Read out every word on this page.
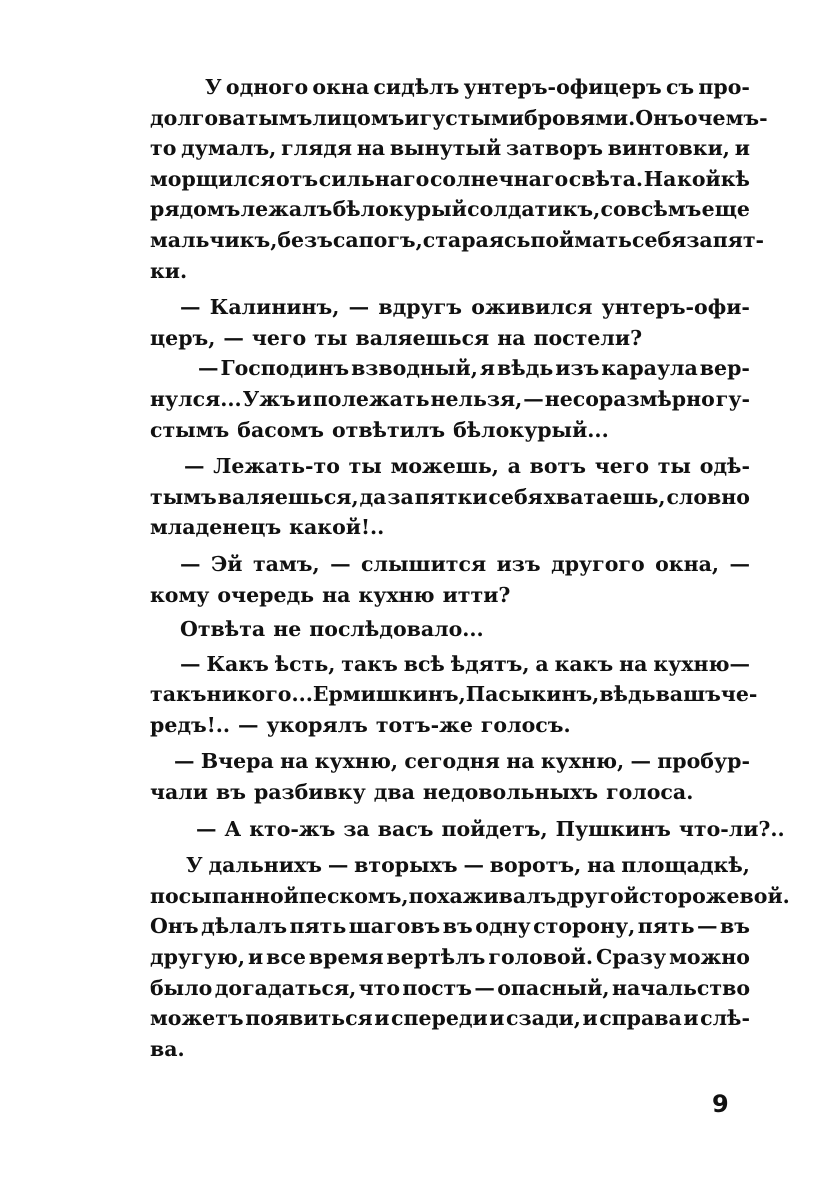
У одного окна сидѣлъ унтеръ-офицеръ съ про-
долговатымъ лицомъ и густыми бровями. Онъ о чемъ-
то думалъ, глядя на вынутый затворъ винтовки, и
морщился отъ сильнаго солнечнаго свѣта. На койкѣ
рядомъ лежалъ бѣлокурый солдатикъ, совсѣмъ еще
мальчикъ, безъ сапогъ, стараясь поймать себя за пят-
ки.
— Калининъ, — вдругъ оживился унтеръ-офи-
церъ, — чего ты валяешься на постели?
— Господинъ взводный, я вѣдь изъ караула вер-
нулся... Ужъ и полежать нельзя, — несоразмѣрно гу-
стымъ басомъ отвѣтилъ бѣлокурый...
— Лежать-то ты можешь, а вотъ чего ты одѣ-
тымъ валяешься, да за пятки себя хватаешь, словно
младенецъ какой!..
— Эй тамъ, — слышится изъ другого окна, —
кому очередь на кухню итти?
Отвѣта не послѣдовало...
— Какъ ѣсть, такъ всѣ ѣдятъ, а какъ на кухню—
такъ никого... Ермишкинъ, Пасыкинъ, вѣдь вашъ че-
редъ!.. — укорялъ тотъ-же голосъ.
— Вчера на кухню, сегодня на кухню, — пробур-
чали въ разбивку два недовольныхъ голоса.
— А кто-жъ за васъ пойдетъ, Пушкинъ что-ли?..
У дальнихъ — вторыхъ — воротъ, на площадкѣ,
посыпанной пескомъ, похаживалъ другой сторожевой.
Онъ дѣлалъ пять шаговъ въ одну сторону, пять — въ
другую, и все время вертѣлъ головой. Сразу можно
было догадаться, что постъ — опасный, начальство
можетъ появиться и спереди и сзади, и справа и слѣ-
ва.
9
